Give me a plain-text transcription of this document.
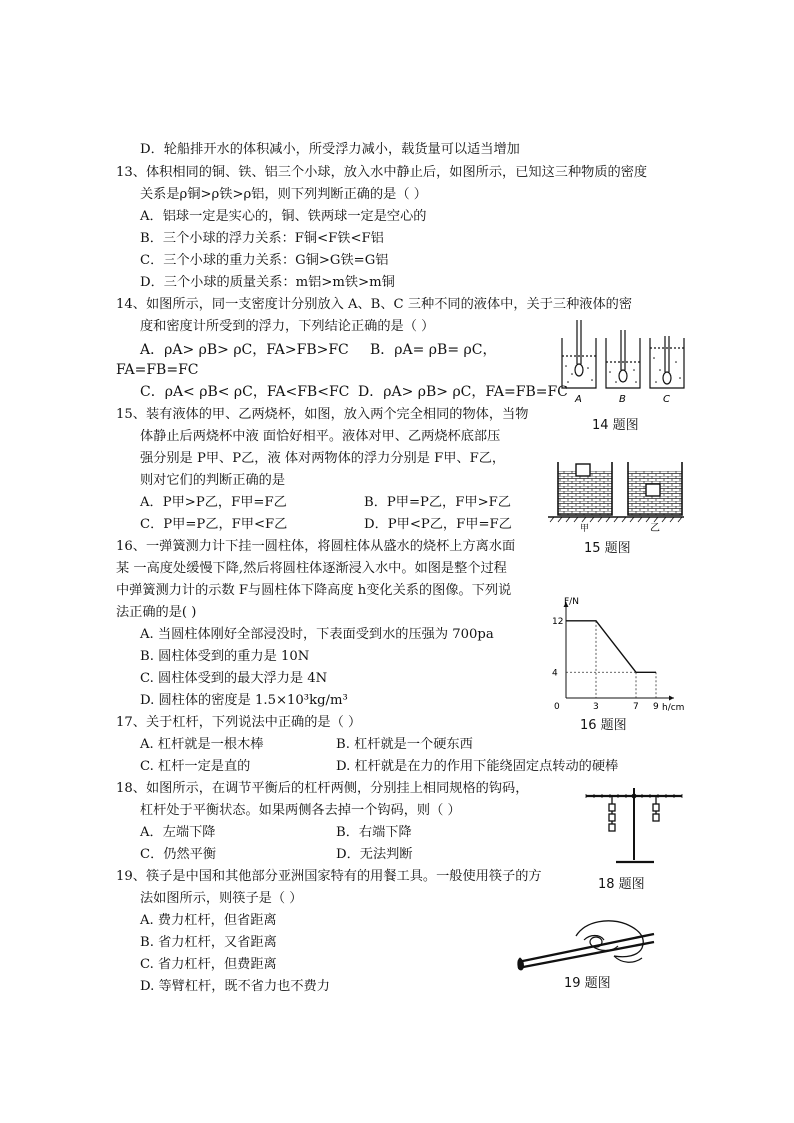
D．轮船排开水的体积减小，所受浮力减小，载货量可以适当增加
13、体积相同的铜、铁、铝三个小球，放入水中静止后，如图所示，已知这三种物质的密度
关系是ρ铜>ρ铁>ρ铝，则下列判断正确的是（ ）
A．铝球一定是实心的，铜、铁两球一定是空心的
B．三个小球的浮力关系：F铜<F铁<F铝
C．三个小球的重力关系：G铜>G铁=G铝
D．三个小球的质量关系：m铝>m铁>m铜
14、如图所示，同一支密度计分别放入 A、B、C 三种不同的液体中，关于三种液体的密
度和密度计所受到的浮力，下列结论正确的是（ ）
A．ρA> ρB> ρC，FA>FB>FC B．ρA= ρB= ρC，
FA=FB=FC
C．ρA< ρB< ρC，FA<FB<FC D．ρA> ρB> ρC，FA=FB=FC A	B	C
14 题图
15、装有液体的甲、乙两烧杯，如图，放入两个完全相同的物体，当物
体静止后两烧杯中液 面恰好相平。液体对甲、乙两烧杯底部压
强分别是 P甲、P乙，液 体对两物体的浮力分别是 F甲、F乙，
则对它们的判断正确的是
A．P甲>P乙，F甲=F乙	B．P甲=P乙，F甲>F乙
C．P甲=P乙，F甲<F乙	D．P甲<P乙，F甲=F乙	甲	乙
15 题图
16、一弹簧测力计下挂一圆柱体，将圆柱体从盛水的烧杯上方离水面
某 一高度处缓慢下降,然后将圆柱体逐渐浸入水中。如图是整个过程
中弹簧测力计的示数 F与圆柱体下降高度 h变化关系的图像。下列说
法正确的是( )
A. 当圆柱体刚好全部浸没时，下表面受到水的压强为 700pa
B. 圆柱体受到的重力是 10N
C. 圆柱体受到的最大浮力是 4N
D. 圆柱体的密度是 1.5×10³kg/m³
F/N
h/cm
0	3	7 9
4
12
16 题图
17、关于杠杆，下列说法中正确的是（ ）
A. 杠杆就是一根木棒	B. 杠杆就是一个硬东西
C. 杠杆一定是直的	D. 杠杆就是在力的作用下能绕固定点转动的硬棒
18、如图所示，在调节平衡后的杠杆两侧，分别挂上相同规格的钩码，
杠杆处于平衡状态。如果两侧各去掉一个钩码，则（ ）
A．左端下降	B．右端下降
C．仍然平衡	D．无法判断
18 题图
19、筷子是中国和其他部分亚洲国家特有的用餐工具。一般使用筷子的方
法如图所示，则筷子是（ ）
A. 费力杠杆，但省距离
B. 省力杠杆，又省距离
C. 省力杠杆，但费距离
D. 等臂杠杆，既不省力也不费力	19 题图
